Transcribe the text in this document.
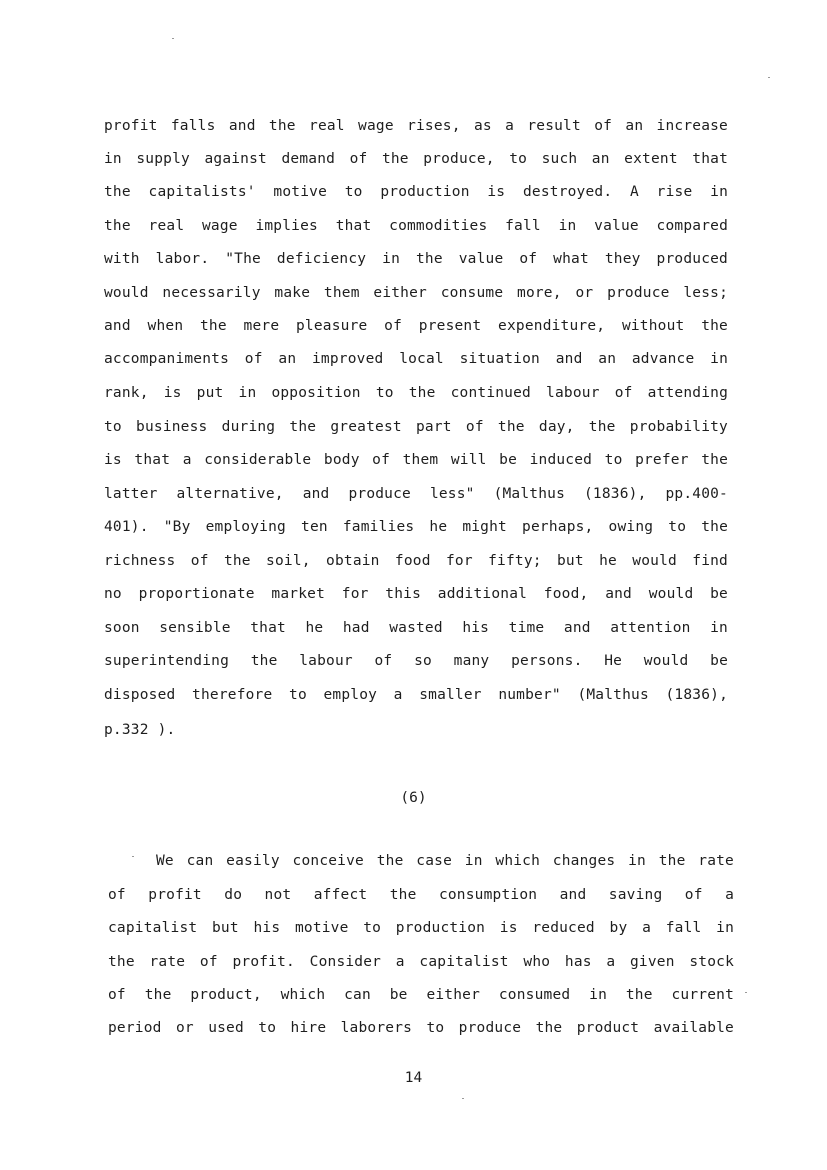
profit falls and the real wage rises, as a result of an increase
in supply against demand of the produce, to such an extent that
the capitalists' motive to production is destroyed. A rise in
the real wage implies that commodities fall in value compared
with labor. "The deficiency in the value of what they produced
would necessarily make them either consume more, or produce less;
and when the mere pleasure of present expenditure, without the
accompaniments of an improved local situation and an advance in
rank, is put in opposition to the continued labour of attending
to business during the greatest part of the day, the probability
is that a considerable body of them will be induced to prefer the
latter alternative, and produce less" (Malthus (1836), pp.400-
401). "By employing ten families he might perhaps, owing to the
richness of the soil, obtain food for fifty; but he would find
no proportionate market for this additional food, and would be
soon sensible that he had wasted his time and attention in
superintending the labour of so many persons. He would be
disposed therefore to employ a smaller number" (Malthus (1836),
p.332 ).
(6)
We can easily conceive the case in which changes in the rate
of profit do not affect the consumption and saving of a
capitalist but his motive to production is reduced by a fall in
the rate of profit. Consider a capitalist who has a given stock
of the product, which can be either consumed in the current
period or used to hire laborers to produce the product available
14
